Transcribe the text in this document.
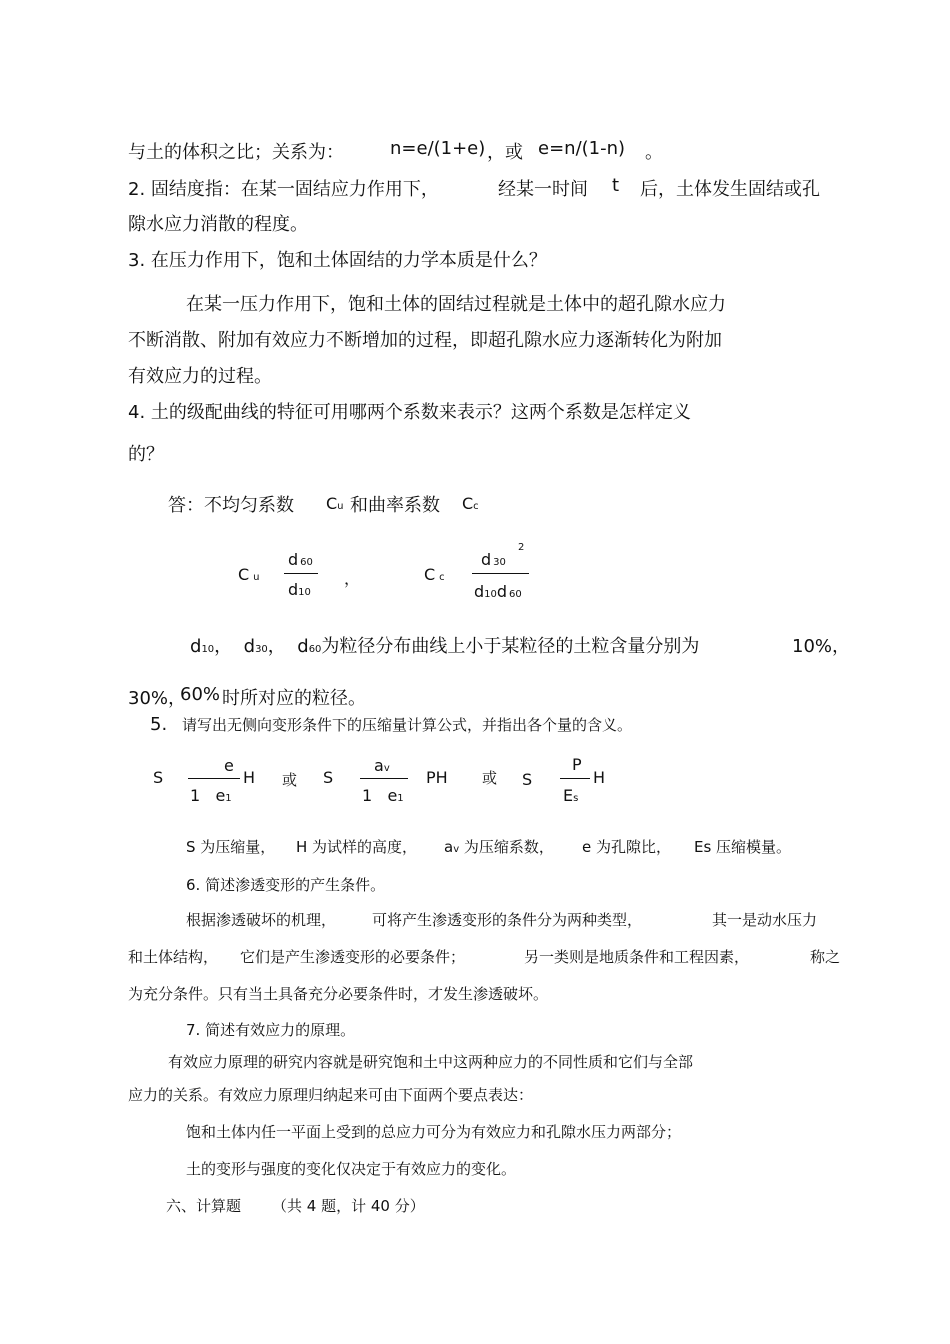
与土的体积之比；关系为：	n=e/(1+e) ，或 e=n/(1-n) 。
2. 固结度指：在某一固结应力作用下，	经某一时间 t 后，土体发生固结或孔
隙水应力消散的程度。
3. 在压力作用下，饱和土体固结的力学本质是什么？
在某一压力作用下，饱和土体的固结过程就是土体中的超孔隙水应力
不断消散、附加有效应力不断增加的过程，即超孔隙水应力逐渐转化为附加
有效应力的过程。
4. 土的级配曲线的特征可用哪两个系数来表示？这两个系数是怎样定义
的？
答：不均匀系数 Cu 和曲率系数 Cc
Cu
d 60
d10
，	Cc
d 30
2
d10d 60
d10， d30， d60为粒径分布曲线上小于某粒径的土粒含量分别为	10%，
30%，
60% 时所对应的粒径。
5. 请写出无侧向变形条件下的压缩量计算公式，并指出各个量的含义。
S
e
1 e1
H 或 S
av
1 e1
PH 或 S
P
Es
H
S 为压缩量， H 为试样的高度， av 为压缩系数， e 为孔隙比， Es 压缩模量。
6. 简述渗透变形的产生条件。
根据渗透破坏的机理， 可将产生渗透变形的条件分为两种类型，	其一是动水压力
和土体结构， 它们是产生渗透变形的必要条件；	另一类则是地质条件和工程因素，	称之
为充分条件。只有当土具备充分必要条件时，才发生渗透破坏。
7. 简述有效应力的原理。
有效应力原理的研究内容就是研究饱和土中这两种应力的不同性质和它们与全部
应力的关系。有效应力原理归纳起来可由下面两个要点表达：
饱和土体内任一平面上受到的总应力可分为有效应力和孔隙水压力两部分；
土的变形与强度的变化仅决定于有效应力的变化。
六、计算题 （共 4 题，计 40 分）
